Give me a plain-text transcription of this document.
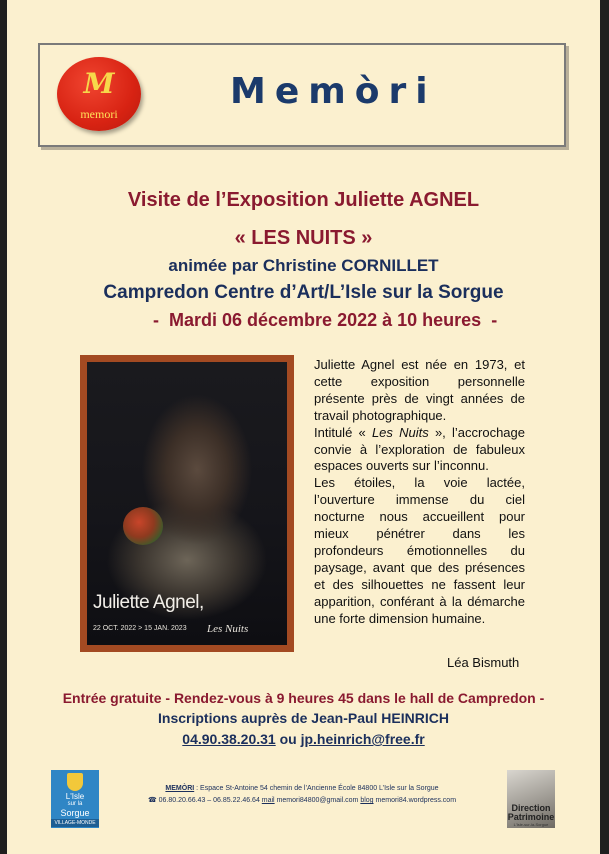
M
memori
Memòri
Visite de l’Exposition Juliette AGNEL
« LES NUITS »
animée par Christine CORNILLET
Campredon Centre d’Art/L’Isle sur la Sorgue
- Mardi 06 décembre 2022 à 10 heures -
Juliette Agnel,
22 OCT. 2022 > 15 JAN. 2023 Les Nuits

Juliette Agnel est née en 1973, et cette exposition personnelle présente près de vingt années de travail photographique.

Intitulé « Les Nuits », l’accrochage convie à l’exploration de fabuleux espaces ouverts sur l’inconnu.

Les étoiles, la voie lactée, l’ouverture immense du ciel nocturne nous accueillent pour mieux pénétrer dans les profondeurs émotionnelles du paysage, avant que des présences et des silhouettes ne fassent leur apparition, conférant à la démarche une forte dimension humaine.

Léa Bismuth
Entrée gratuite - Rendez-vous à 9 heures 45 dans le hall de Campredon -
Inscriptions auprès de Jean-Paul HEINRICH
04.90.38.20.31 ou jp.heinrich@free.fr
L'Isle
sur la
Sorgue
VILLAGE-MONDE
MEMÒRI : Espace St-Antoine 54 chemin de l’Ancienne École 84800 L’Isle sur la Sorgue
☎ 06.80.20.66.43 – 06.85.22.46.64 mail memori84800@gmail.com blog memori84.wordpress.com
Direction
Patrimoine
L'Isle-sur-la-Sorgue
